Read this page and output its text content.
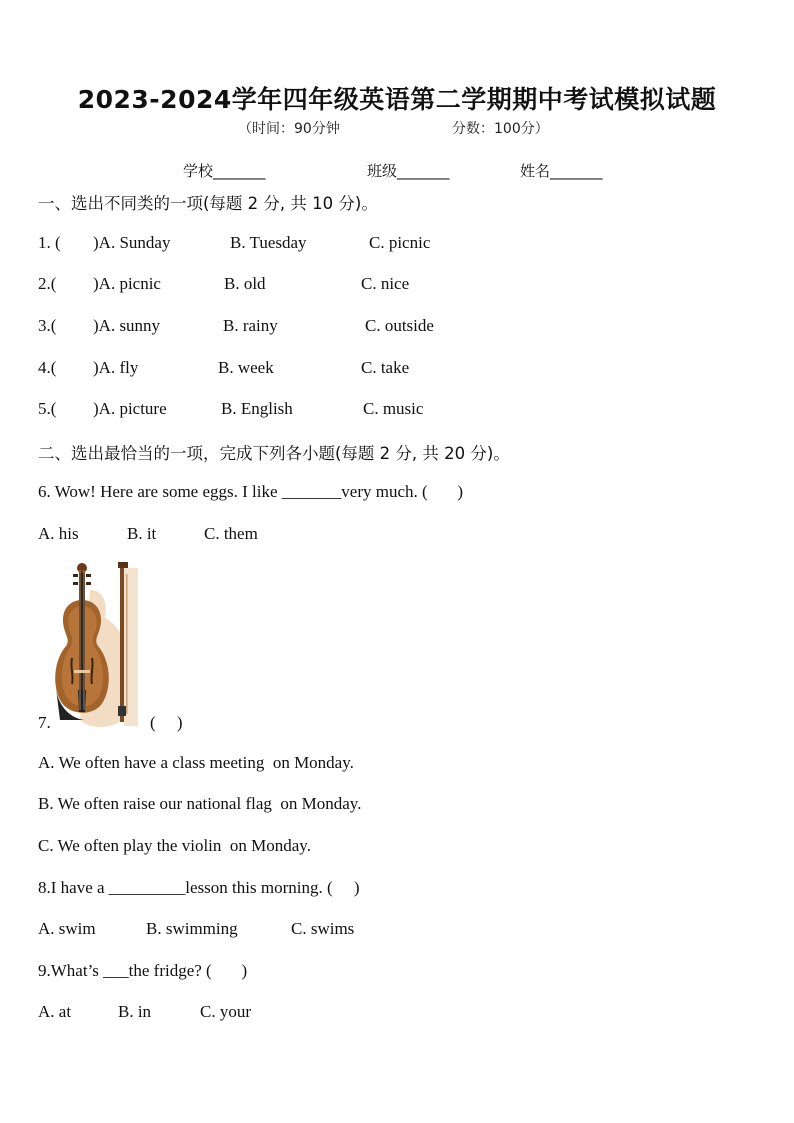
2023-2024学年四年级英语第二学期期中考试模拟试题
（时间：90分钟	分数：100分）
学校_______	班级_______	姓名_______
一、选出不同类的一项(每题 2 分, 共 10 分)。
1. ( )A. Sunday	B. Tuesday	C. picnic
2.( )A. picnic	B. old	C. nice
3.( )A. sunny	B. rainy	C. outside
4.( )A. fly	B. week	C. take
5.( )A. picture	B. English	C. music
二、选出最恰当的一项，完成下列各小题(每题 2 分, 共 20 分)。
6. Wow! Here are some eggs. I like _______very much. (       )
A. his	B. it	C. them
7.	(     )
A. We often have a class meeting  on Monday.
B. We often raise our national flag  on Monday.
C. We often play the violin  on Monday.
8.I have a _________lesson this morning. (     )
A. swim	B. swimming	C. swims
9.What’s ___the fridge? (       )
A. at	B. in	C. your
